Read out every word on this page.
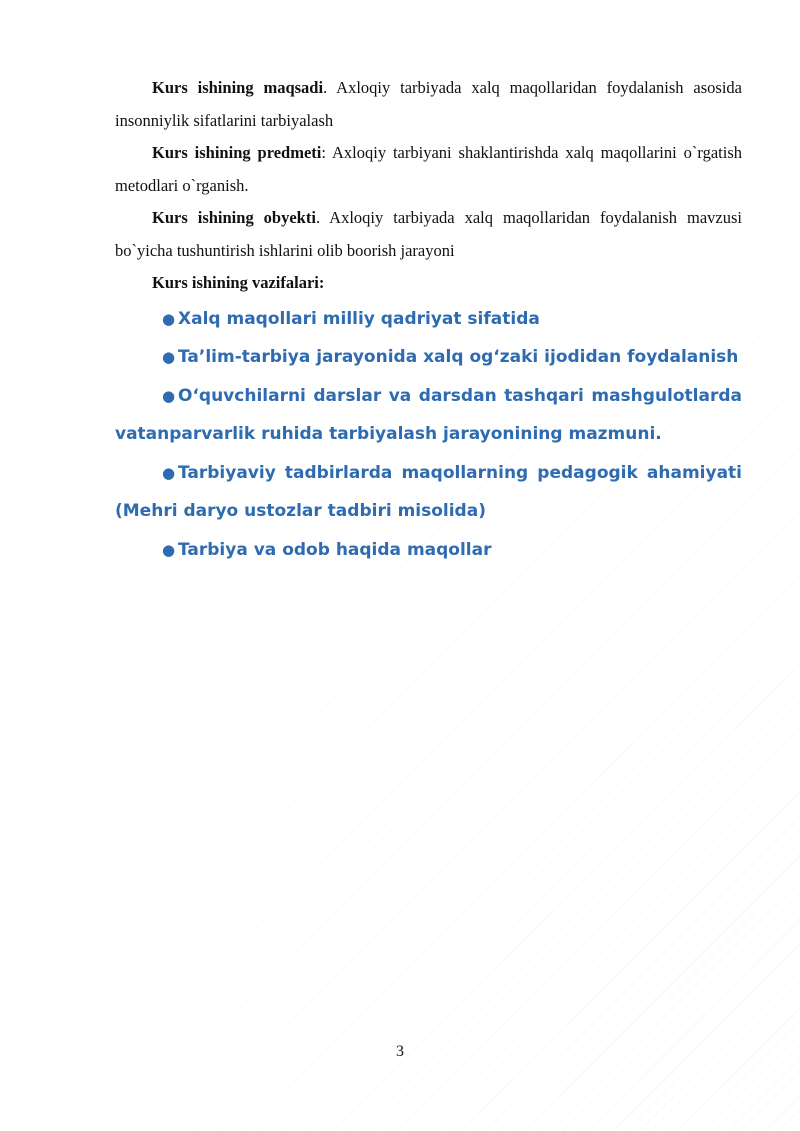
Kurs ishining maqsadi. Axloqiy tarbiyada xalq maqollaridan foydalanish asosida insonniylik sifatlarini tarbiyalash

Kurs ishining predmeti: Axloqiy tarbiyani shaklantirishda xalq maqollarini o`rgatish metodlari o`rganish.

Kurs ishining obyekti. Axloqiy tarbiyada xalq maqollaridan foydalanish mavzusi bo`yicha tushuntirish ishlarini olib boorish jarayoni

Kurs ishining vazifalari:

● Xalq maqollari milliy qadriyat sifatida
● Ta’lim-tarbiya jarayonida xalq og‘zaki ijodidan foydalanish
● O‘quvchilarni darslar va darsdan tashqari mashgulotlarda vatanparvarlik ruhida tarbiyalash jarayonining mazmuni.
● Tarbiyaviy tadbirlarda maqollarning pedagogik ahamiyati (Mehri daryo ustozlar tadbiri misolida)
● Tarbiya va odob haqida maqollar
3
